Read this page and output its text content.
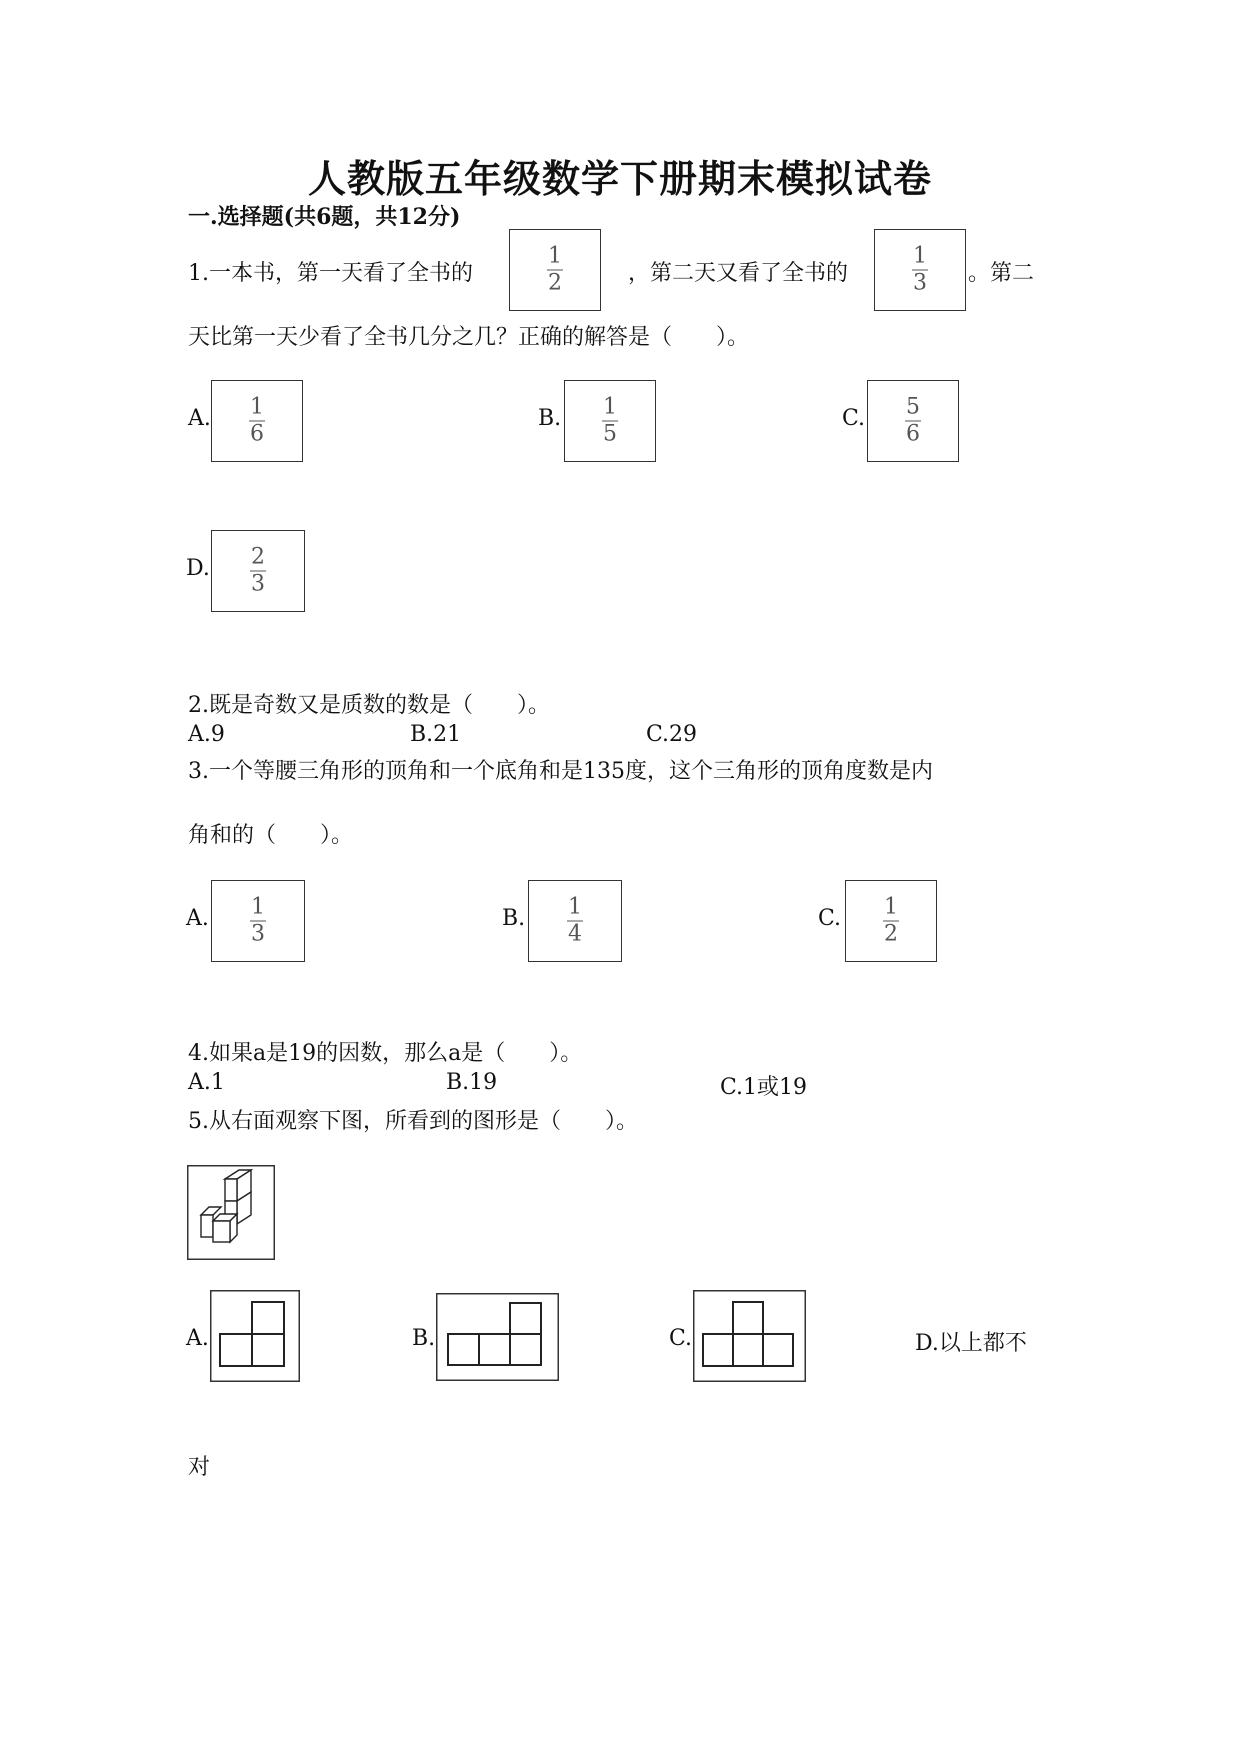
人教版五年级数学下册期末模拟试卷
一.选择题(共6题，共12分)
1.一本书，第一天看了全书的
1
2	，第二天又看了全书的
1
3 。第二
天比第一天少看了全书几分之几？正确的解答是（　　）。
A. 1
6
B. 1
5
C. 5
6
D. 2
3
2.既是奇数又是质数的数是（　　）。
A.9	B.21	C.29
3.一个等腰三角形的顶角和一个底角和是135度，这个三角形的顶角度数是内
角和的（　　）。
A. 1
3
B. 1
4
C. 1
2
4.如果a是19的因数，那么a是（　　）。
A.1	B.19	C.1或19
5.从右面观察下图，所看到的图形是（　　）。
A.	B.	C.	D.以上都不
对
